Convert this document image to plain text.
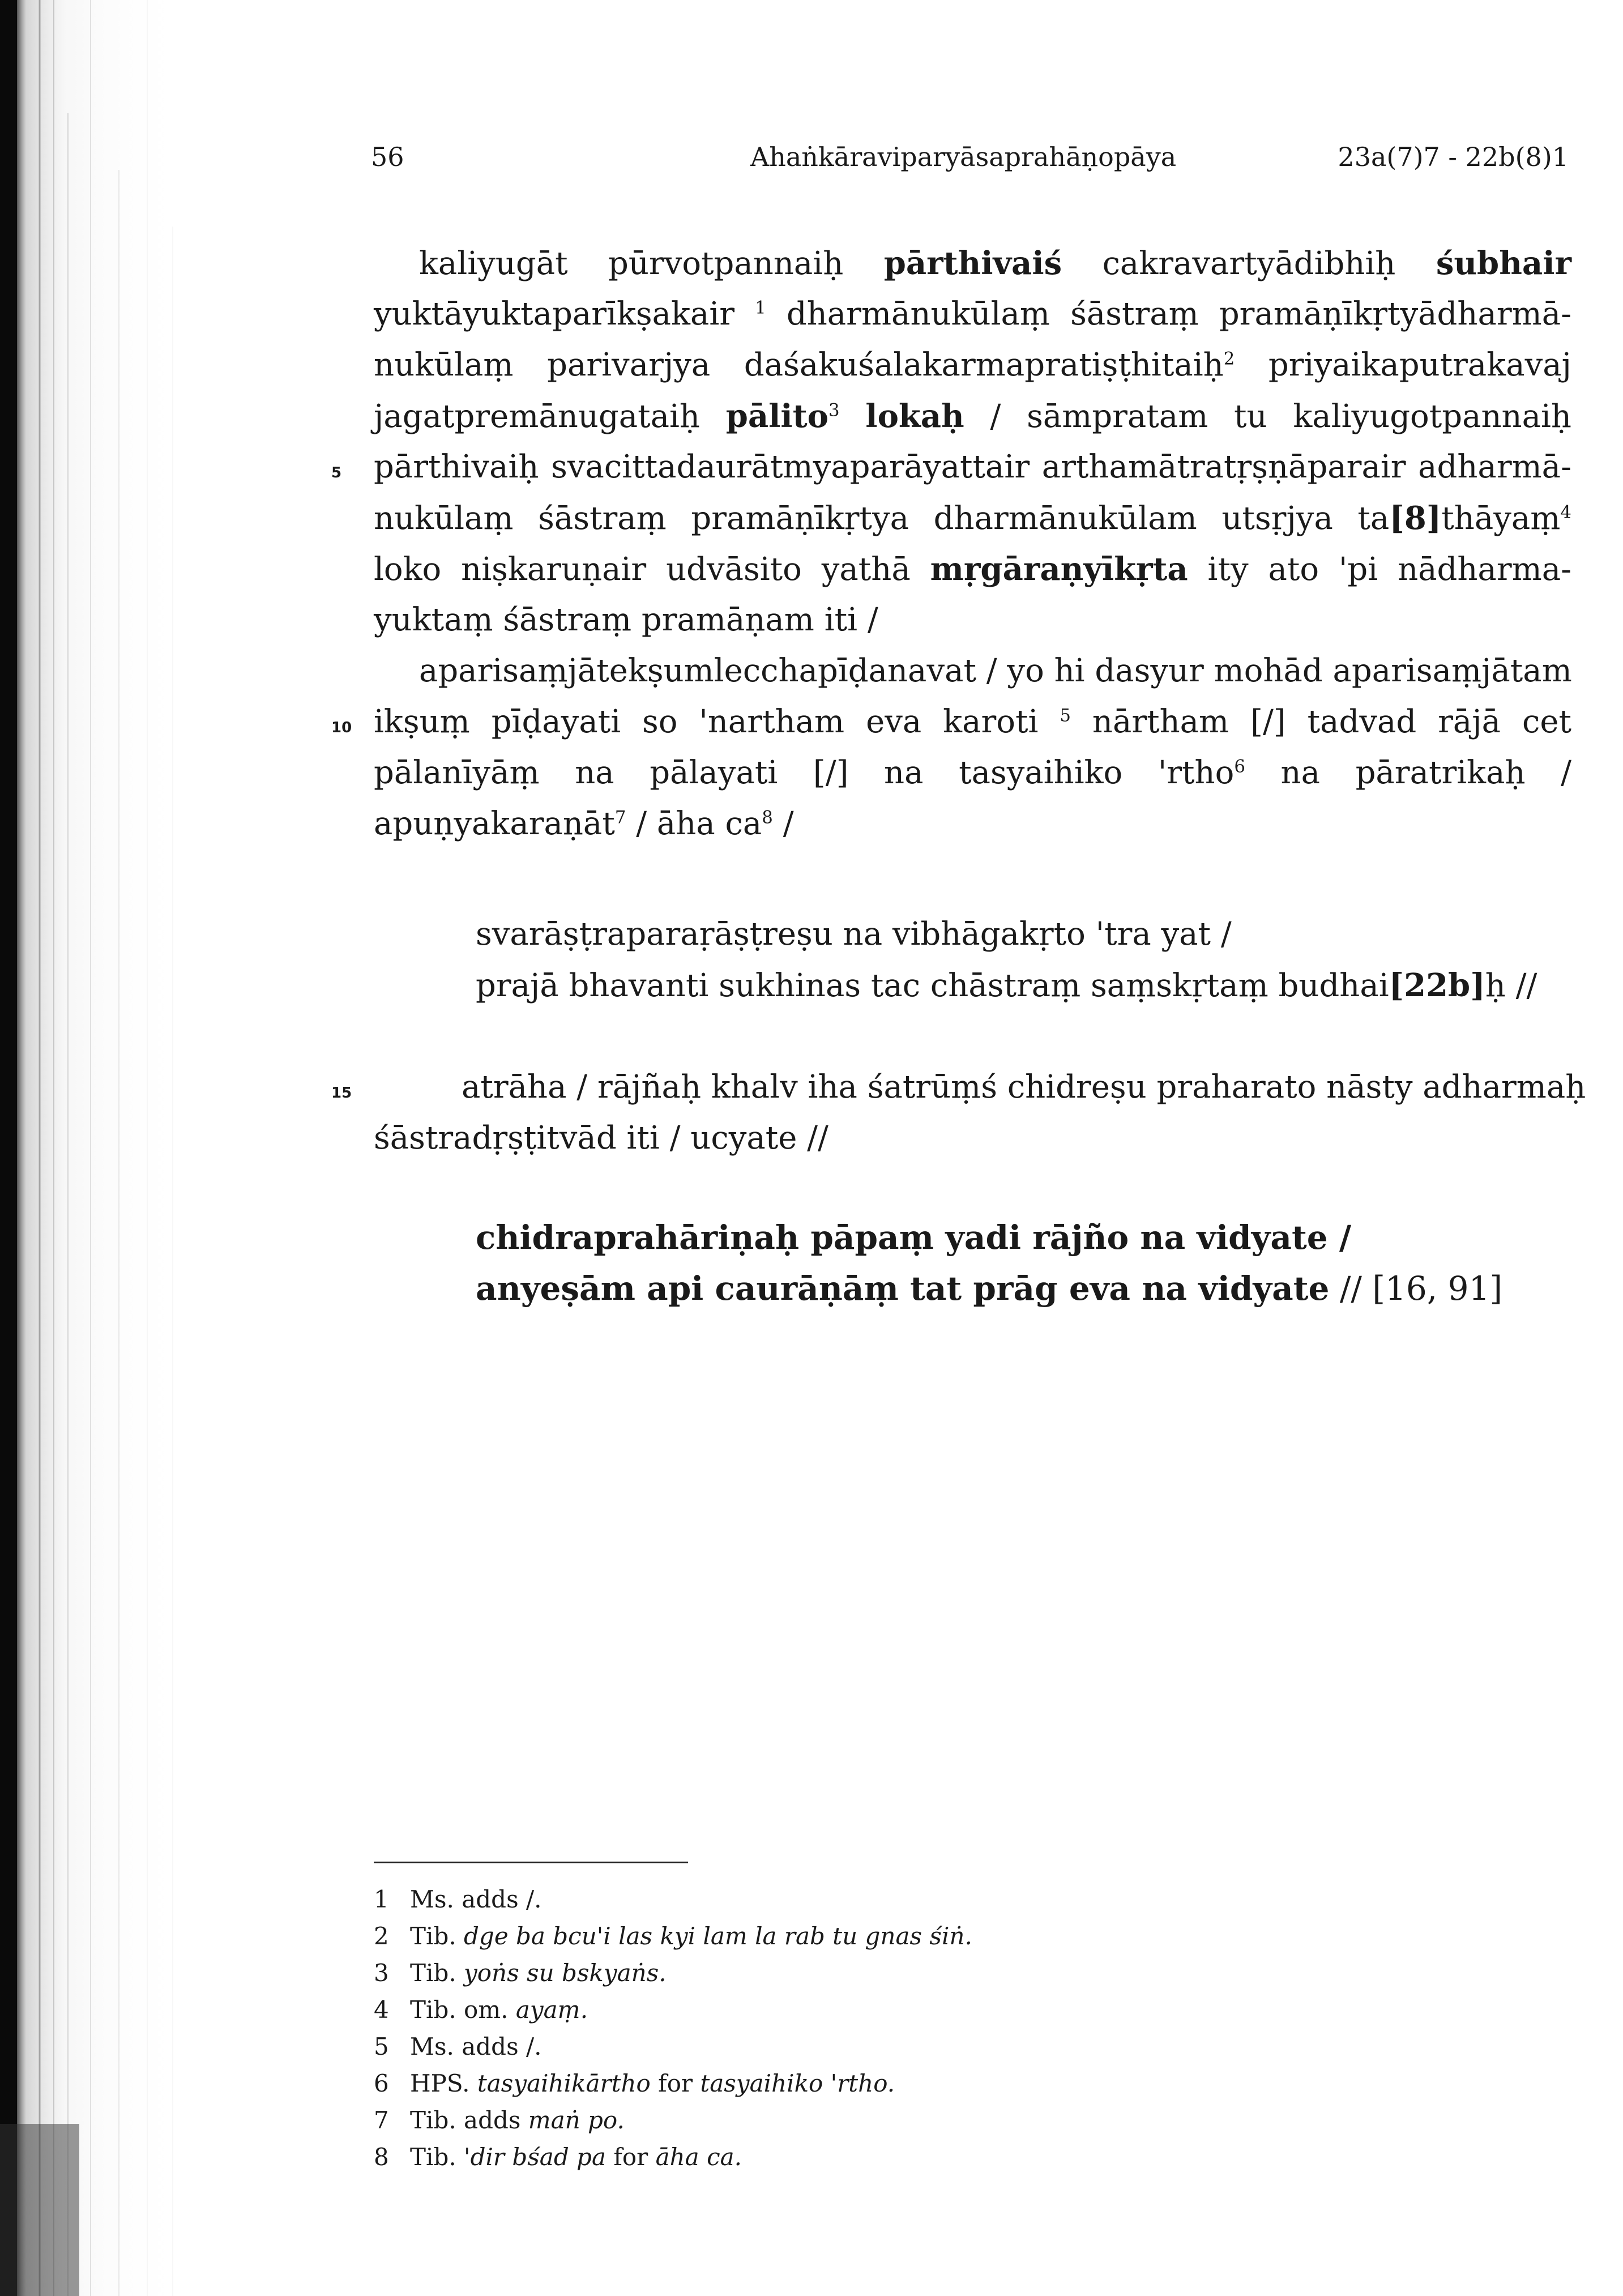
56	Ahaṅkāraviparyāsaprahāṇopāya	23a(7)7 - 22b(8)1
kaliyugāt pūrvotpannaiḥ pārthivaiś cakravartyādibhiḥ śubhair
yuktāyuktaparīkṣakair $^1$ dharmānukūlaṃ śāstraṃ pramāṇīkṛtyādharmā-
nukūlaṃ parivarjya daśakuśalakarmapratiṣṭhitaiḥ$^2$ priyaikaputrakavaj
jagatpremānugataiḥ pālito$^3$ lokaḥ / sāmpratam tu kaliyugotpannaiḥ
pārthivaiḥ svacittadaurātmyaparāyattair arthamātratṛṣṇāparair adharmā-
nukūlaṃ śāstraṃ pramāṇīkṛtya dharmānukūlam utsṛjya ta[8]thāyaṃ$^4$
loko niṣkaruṇair udvāsito yathā mṛgāraṇyīkṛta ity ato 'pi nādharma-
yuktaṃ śāstraṃ pramāṇam iti /
aparisaṃjātekṣumlecchapīḍanavat / yo hi dasyur mohād aparisaṃjātam
ikṣuṃ pīḍayati so 'nartham eva karoti $^5$ nārtham [/] tadvad rājā cet
pālanīyāṃ na pālayati [/] na tasyaihiko 'rtho$^6$ na pāratrikaḥ /
apuṇyakaraṇāt$^7$ / āha $ca^8$ /
svarāṣṭraparaṛāṣṭreṣu na vibhāgakṛto 'tra yat /
prajā bhavanti sukhinas tac chāstraṃ saṃskṛtaṃ budhai[22b]ḥ //
atrāha / rājñaḥ khalv iha śatrūṃś chidreṣu praharato nāsty adharmaḥ
śāstradṛṣṭitvād iti / ucyate //
chidraprahāriṇaḥ pāpaṃ yadi rājño na vidyate /
anyeṣām api caurāṇāṃ tat prāg eva na vidyate // [16, 91]
5
10
15
1 Ms. adds /.
2 Tib. dge ba bcu'i las kyi lam la rab tu gnas śiṅ.
3 Tib. yoṅs su bskyaṅs.
4 Tib. om. ayaṃ.
5 Ms. adds /.
6 HPS. tasyaihikārtho for tasyaihiko 'rtho.
7 Tib. adds maṅ po.
8 Tib. 'dir bśad pa for āha ca.
